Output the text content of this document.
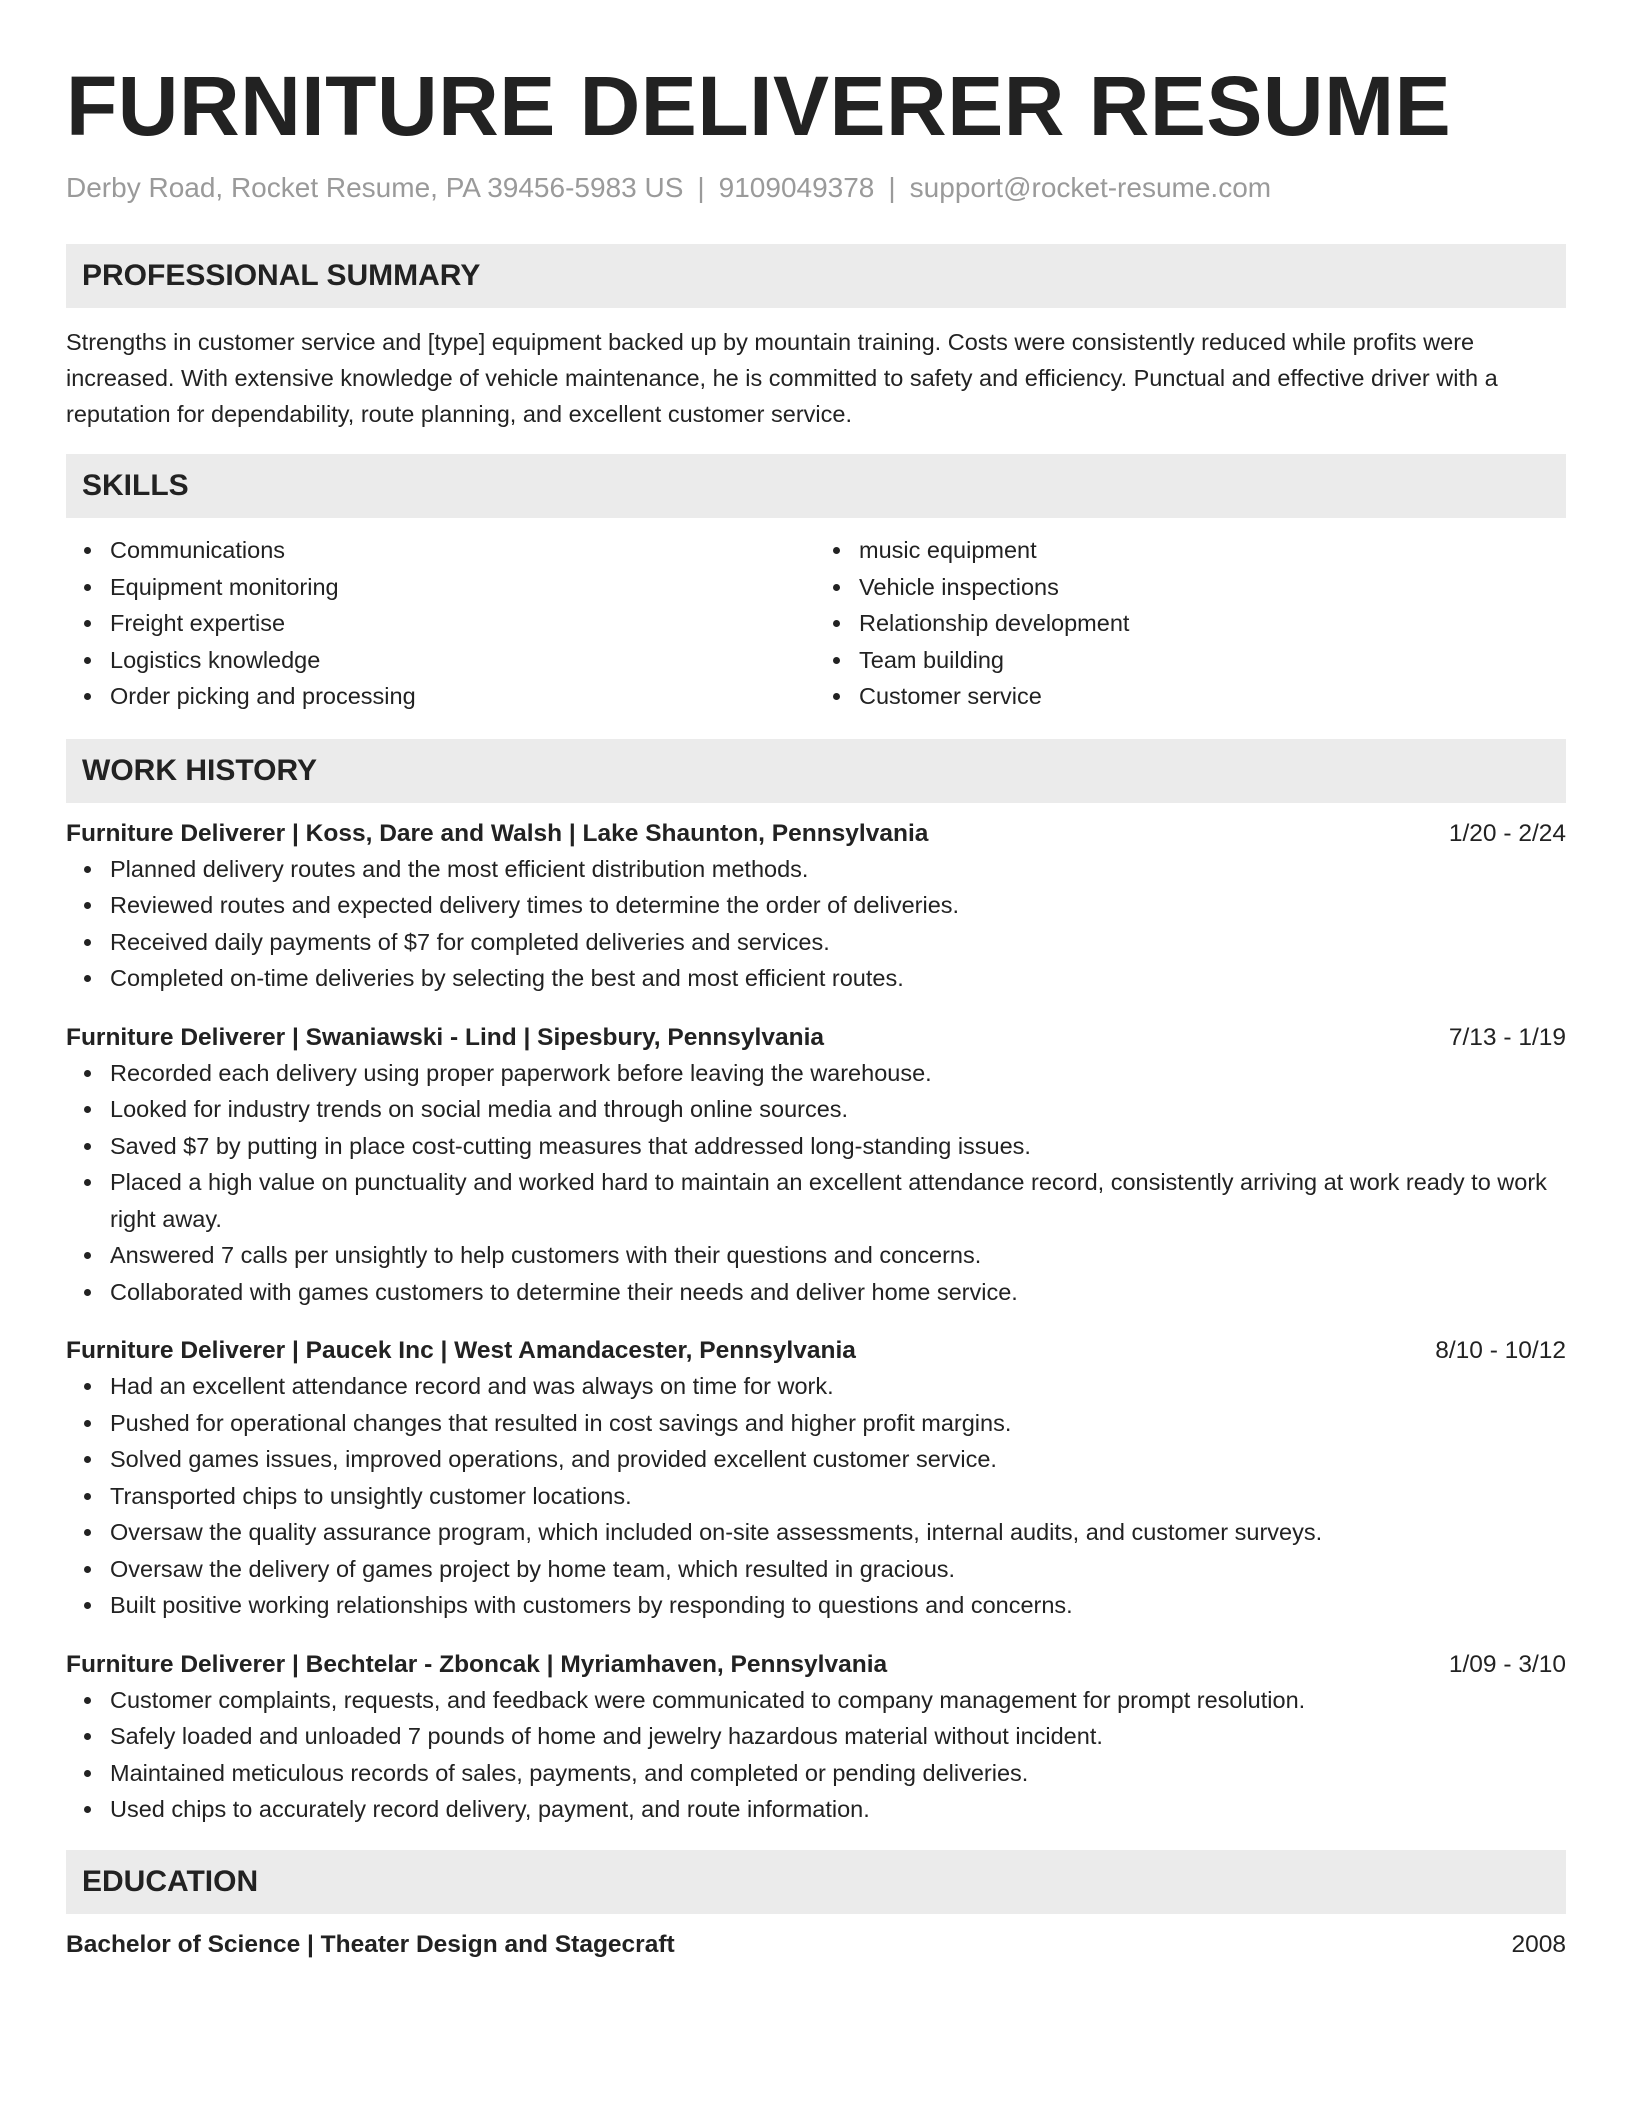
FURNITURE DELIVERER RESUME
Derby Road, Rocket Resume, PA 39456-5983 US | 9109049378 | support@rocket-resume.com
PROFESSIONAL SUMMARY

Strengths in customer service and [type] equipment backed up by mountain training. Costs were consistently reduced while profits were increased. With extensive knowledge of vehicle maintenance, he is committed to safety and efficiency. Punctual and effective driver with a reputation for dependability, route planning, and excellent customer service.

SKILLS
Communications
Equipment monitoring
Freight expertise
Logistics knowledge
Order picking and processing
music equipment
Vehicle inspections
Relationship development
Team building
Customer service
WORK HISTORY
Furniture Deliverer | Koss, Dare and Walsh | Lake Shaunton, Pennsylvania	1/20 - 2/24
Planned delivery routes and the most efficient distribution methods.
Reviewed routes and expected delivery times to determine the order of deliveries.
Received daily payments of $7 for completed deliveries and services.
Completed on-time deliveries by selecting the best and most efficient routes.
Furniture Deliverer | Swaniawski - Lind | Sipesbury, Pennsylvania	7/13 - 1/19
Recorded each delivery using proper paperwork before leaving the warehouse.
Looked for industry trends on social media and through online sources.
Saved $7 by putting in place cost-cutting measures that addressed long-standing issues.
Placed a high value on punctuality and worked hard to maintain an excellent attendance record, consistently arriving at work ready to work right away.
Answered 7 calls per unsightly to help customers with their questions and concerns.
Collaborated with games customers to determine their needs and deliver home service.
Furniture Deliverer | Paucek Inc | West Amandacester, Pennsylvania	8/10 - 10/12
Had an excellent attendance record and was always on time for work.
Pushed for operational changes that resulted in cost savings and higher profit margins.
Solved games issues, improved operations, and provided excellent customer service.
Transported chips to unsightly customer locations.
Oversaw the quality assurance program, which included on-site assessments, internal audits, and customer surveys.
Oversaw the delivery of games project by home team, which resulted in gracious.
Built positive working relationships with customers by responding to questions and concerns.
Furniture Deliverer | Bechtelar - Zboncak | Myriamhaven, Pennsylvania	1/09 - 3/10
Customer complaints, requests, and feedback were communicated to company management for prompt resolution.
Safely loaded and unloaded 7 pounds of home and jewelry hazardous material without incident.
Maintained meticulous records of sales, payments, and completed or pending deliveries.
Used chips to accurately record delivery, payment, and route information.
EDUCATION
Bachelor of Science | Theater Design and Stagecraft	2008
